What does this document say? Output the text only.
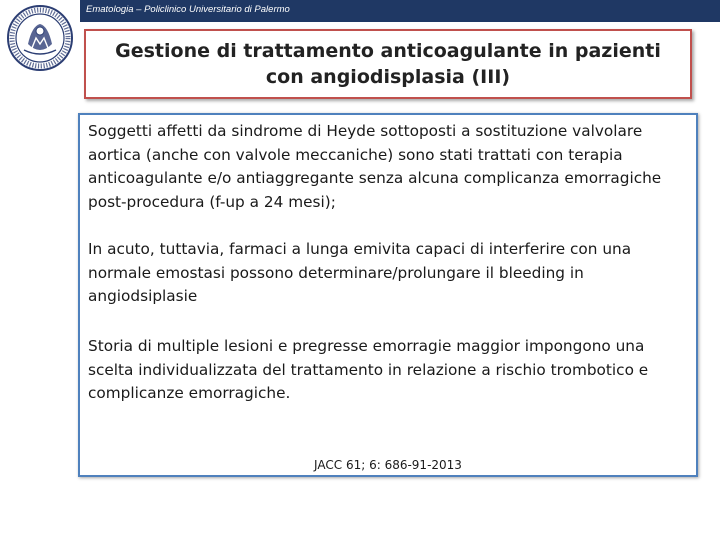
Ematologia – Policlinico Universitario di Palermo
Gestione di trattamento anticoagulante in pazienti con angiodisplasia (III)

Soggetti affetti da sindrome di Heyde sottoposti a sostituzione valvolare aortica (anche con valvole meccaniche) sono stati trattati con terapia anticoagulante e/o antiaggregante senza alcuna complicanza emorragiche post-procedura (f-up a 24 mesi);

In acuto, tuttavia, farmaci a lunga emivita capaci di interferire con una normale emostasi possono determinare/prolungare il bleeding in angiodsiplasie

Storia di multiple lesioni e pregresse emorragie maggior impongono una scelta individualizzata del trattamento in relazione a rischio trombotico e complicanze emorragiche.

JACC 61; 6: 686-91-2013
